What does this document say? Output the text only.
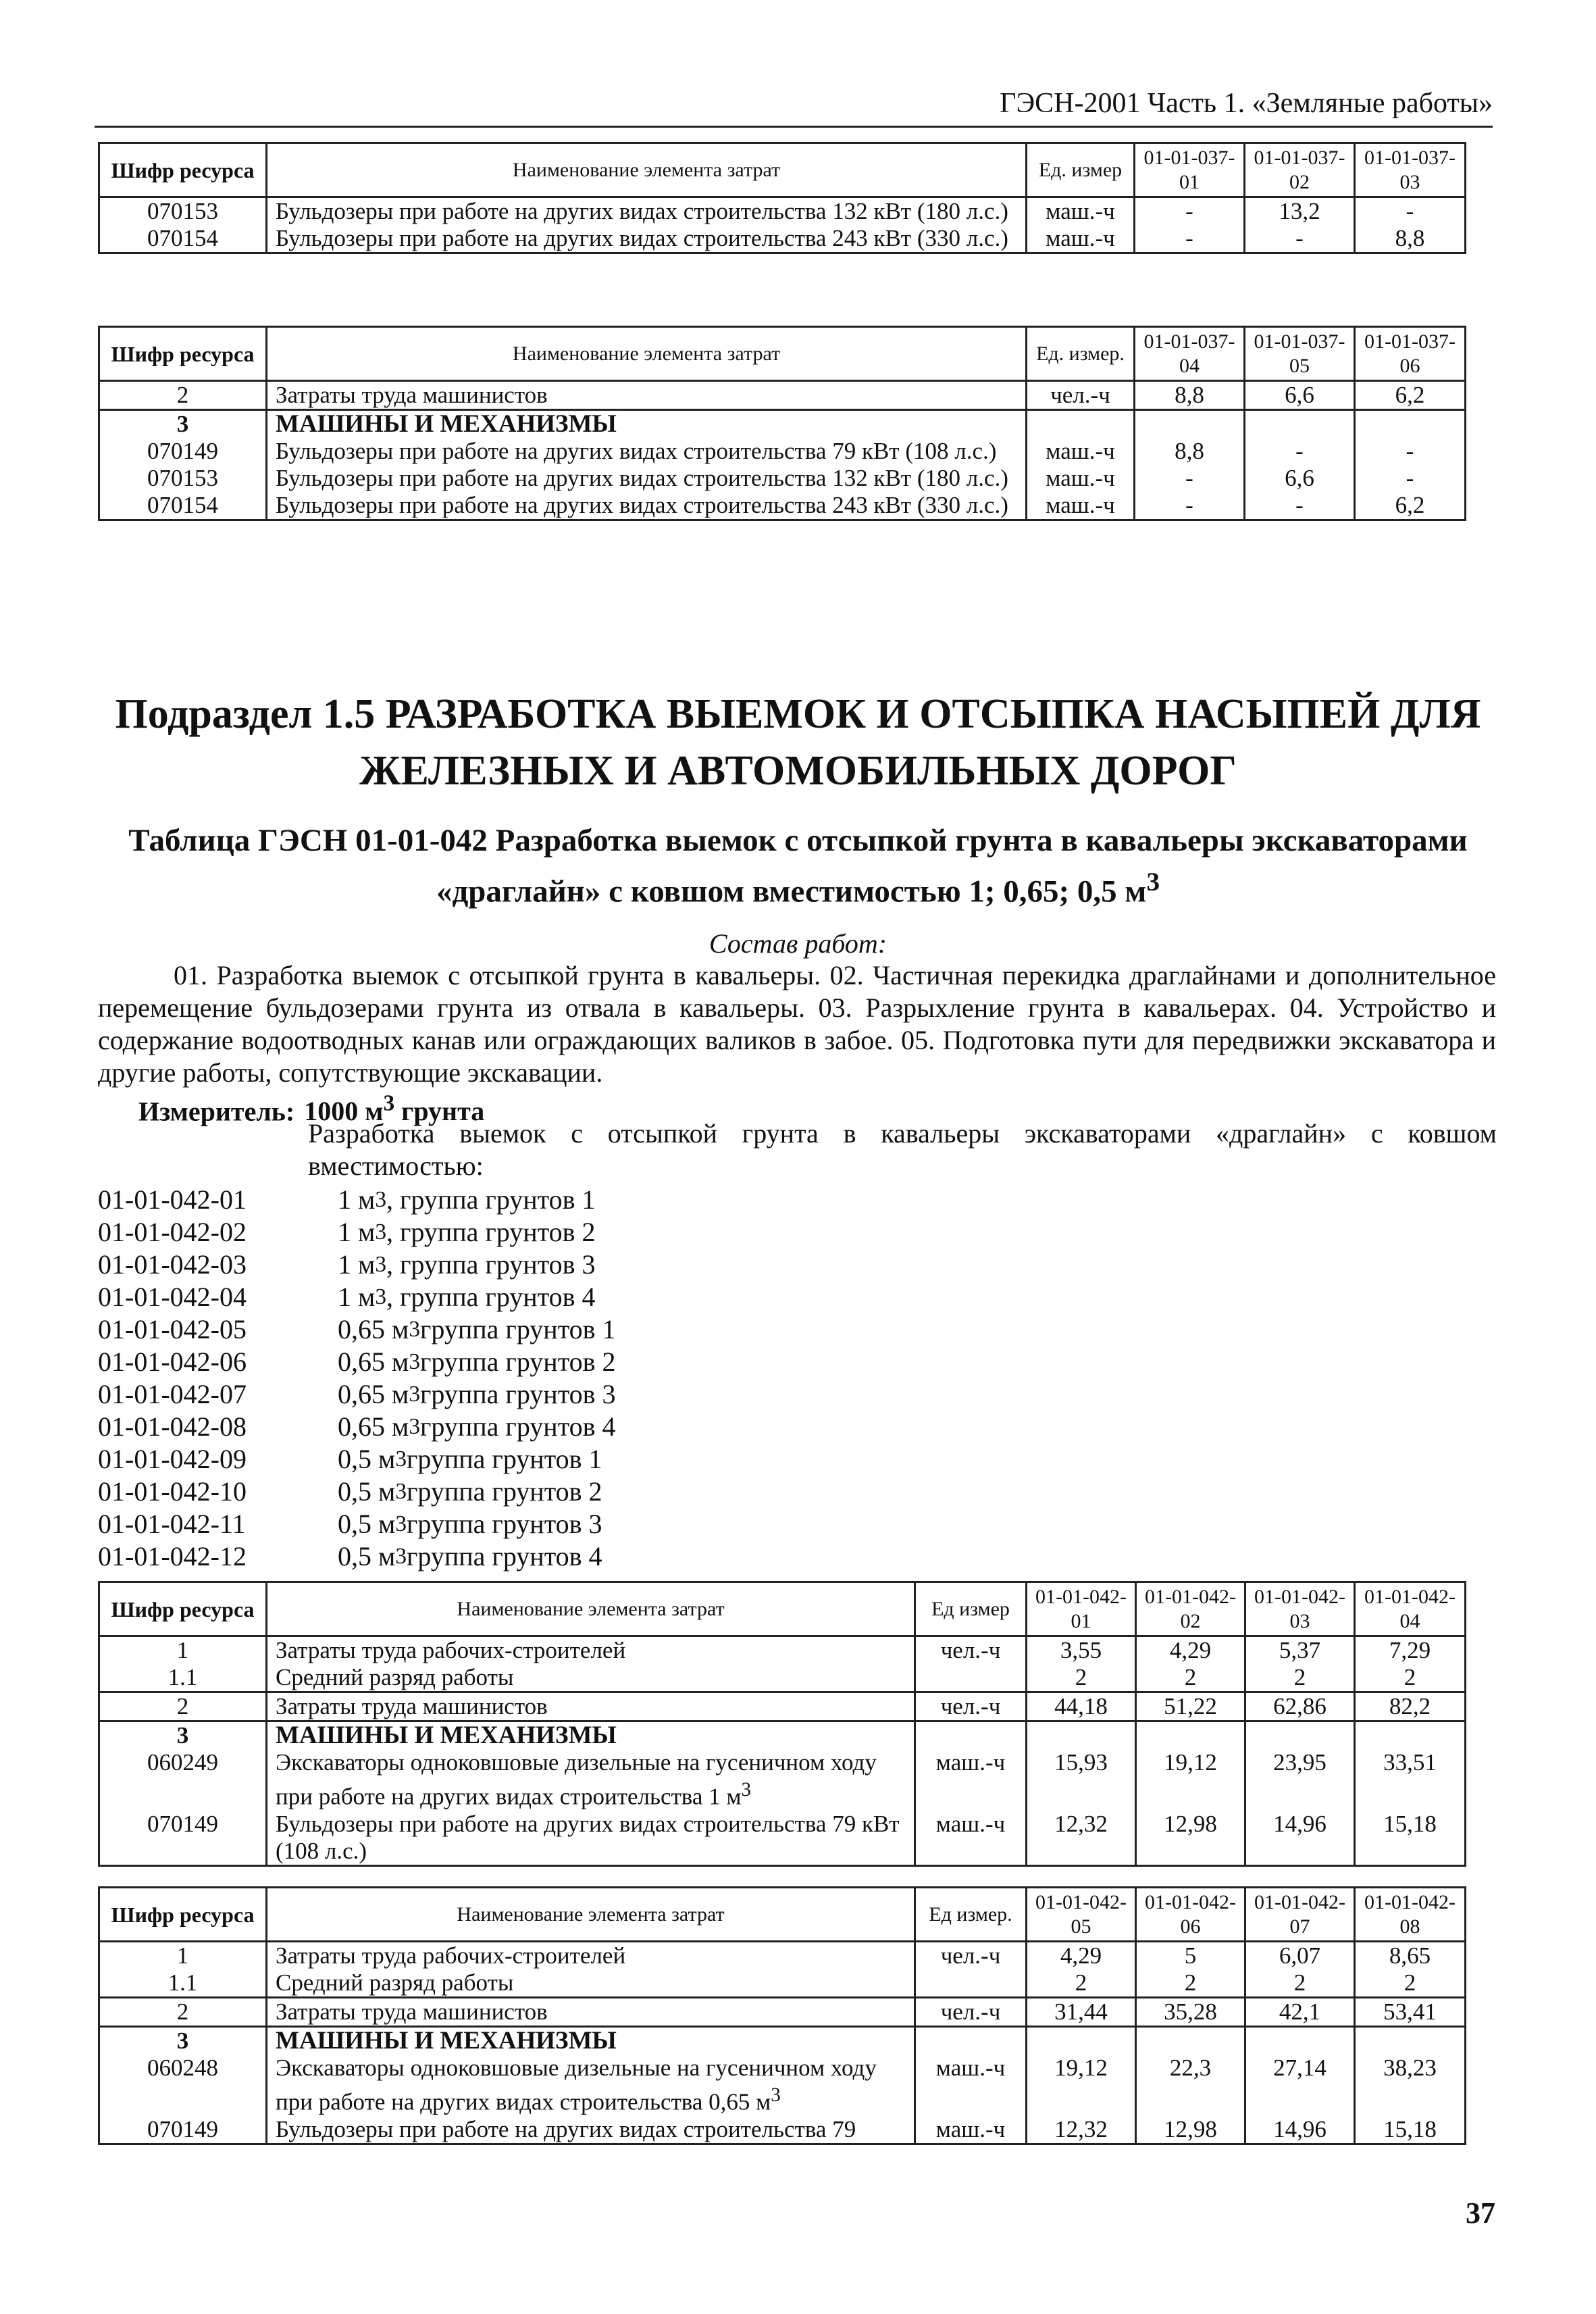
ГЭСН-2001 Часть 1. «Земляные работы»
Шифр ресурса	Наименование элемента затрат	Ед. измер	01-01-037-01	01-01-037-02	01-01-037-03
070153	Бульдозеры при работе на других видах строительства 132 кВт (180 л.с.)	маш.-ч	-	13,2	-
070154	Бульдозеры при работе на других видах строительства 243 кВт (330 л.с.)	маш.-ч	-	-	8,8
Шифр ресурса	Наименование элемента затрат	Ед. измер.	01-01-037-04	01-01-037-05	01-01-037-06
2	Затраты труда машинистов	чел.-ч	8,8	6,6	6,2
3	МАШИНЫ И МЕХАНИЗМЫ				
070149	Бульдозеры при работе на других видах строительства 79 кВт (108 л.с.)	маш.-ч	8,8	-	-
070153	Бульдозеры при работе на других видах строительства 132 кВт (180 л.с.)	маш.-ч	-	6,6	-
070154	Бульдозеры при работе на других видах строительства 243 кВт (330 л.с.)	маш.-ч	-	-	6,2
Подраздел 1.5 РАЗРАБОТКА ВЫЕМОК И ОТСЫПКА НАСЫПЕЙ ДЛЯ ЖЕЛЕЗНЫХ И АВТОМОБИЛЬНЫХ ДОРОГ
Таблица ГЭСН 01-01-042 Разработка выемок с отсыпкой грунта в кавальеры экскаваторами «драглайн» с ковшом вместимостью 1; 0,65; 0,5 $м^3$
Состав работ:
01. Разработка выемок с отсыпкой грунта в кавальеры. 02. Частичная перекидка драглайнами и дополнительное перемещение бульдозерами грунта из отвала в кавальеры. 03. Разрыхление грунта в кавальерах. 04. Устройство и содержание водоотводных канав или ограждающих валиков в забое. 05. Подготовка пути для передвижки экскаватора и другие работы, сопутствующие экскавации.
Измеритель: 1000 $м^3$ грунта
Разработка выемок с отсыпкой грунта в кавальеры экскаваторами «драглайн» с ковшом вместимостью:
01-01-042-01	1 м 3 , группа грунтов 1
01-01-042-02	1 м 3 , группа грунтов 2
01-01-042-03	1 м 3 , группа грунтов 3
01-01-042-04	1 м 3 , группа грунтов 4
01-01-042-05	0,65 м 3 группа грунтов 1
01-01-042-06	0,65 м 3 группа грунтов 2
01-01-042-07	0,65 м 3 группа грунтов 3
01-01-042-08	0,65 м 3 группа грунтов 4
01-01-042-09	0,5 м 3 группа грунтов 1
01-01-042-10	0,5 м 3 группа грунтов 2
01-01-042-11	0,5 м 3 группа грунтов 3
01-01-042-12	0,5 м 3 группа грунтов 4
Шифр ресурса	Наименование элемента затрат	Ед измер	01-01-042-01	01-01-042-02	01-01-042-03	01-01-042-04
1	Затраты труда рабочих-строителей	чел.-ч	3,55	4,29	5,37	7,29
1.1	Средний разряд работы		2	2	2	2
2	Затраты труда машинистов	чел.-ч	44,18	51,22	62,86	82,2
3	МАШИНЫ И МЕХАНИЗМЫ					
060249	Экскаваторы одноковшовые дизельные на гусеничном ходу при работе на других видах строительства 1 $м^3$	маш.-ч	15,93	19,12	23,95	33,51
070149	Бульдозеры при работе на других видах строительства 79 кВт (108 л.с.)	маш.-ч	12,32	12,98	14,96	15,18
Шифр ресурса	Наименование элемента затрат	Ед измер.	01-01-042-05	01-01-042-06	01-01-042-07	01-01-042-08
1	Затраты труда рабочих-строителей	чел.-ч	4,29	5	6,07	8,65
1.1	Средний разряд работы		2	2	2	2
2	Затраты труда машинистов	чел.-ч	31,44	35,28	42,1	53,41
3	МАШИНЫ И МЕХАНИЗМЫ					
060248	Экскаваторы одноковшовые дизельные на гусеничном ходу при работе на других видах строительства 0,65 $м^3$	маш.-ч	19,12	22,3	27,14	38,23
070149	Бульдозеры при работе на других видах строительства 79	маш.-ч	12,32	12,98	14,96	15,18
37
